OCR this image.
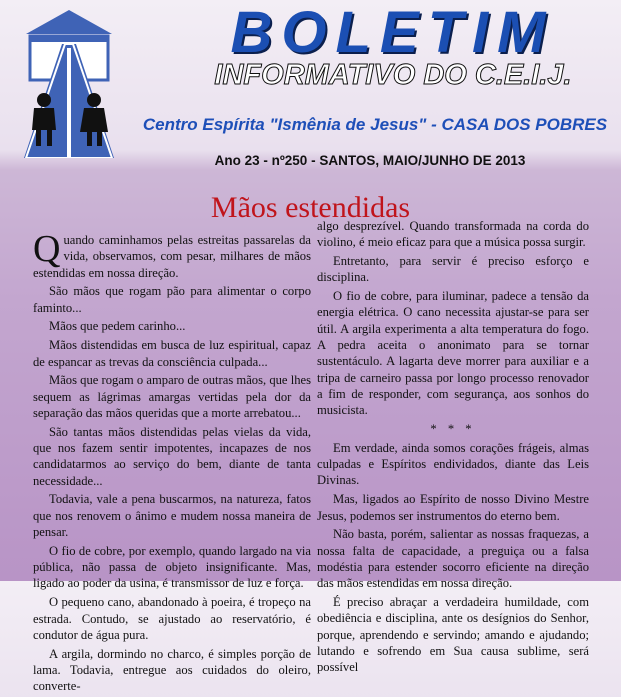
BOLETIM
INFORMATIVO DO C.E.I.J.
Centro Espírita "Ismênia de Jesus" - CASA DOS POBRES
Ano 23 - nº250 - SANTOS, MAIO/JUNHO DE 2013
Mãos estendidas

Quando caminhamos pelas estreitas passarelas da vida, observamos, com pesar, milhares de mãos estendidas em nossa direção.

São mãos que rogam pão para alimentar o corpo faminto...

Mãos que pedem carinho...

Mãos distendidas em busca de luz espiritual, capaz de espancar as trevas da consciência culpada...

Mãos que rogam o amparo de outras mãos, que lhes sequem as lágrimas amargas vertidas pela dor da separação das mãos queridas que a morte arrebatou...

São tantas mãos distendidas pelas vielas da vida, que nos fazem sentir impotentes, incapazes de nos candidatarmos ao serviço do bem, diante de tanta necessidade...

Todavia, vale a pena buscarmos, na natureza, fatos que nos renovem o ânimo e mudem nossa maneira de pensar.

O fio de cobre, por exemplo, quando largado na via pública, não passa de objeto insignificante. Mas, ligado ao poder da usina, é transmissor de luz e força.

O pequeno cano, abandonado à poeira, é tropeço na estrada. Contudo, se ajustado ao reservatório, é condutor de água pura.

A argila, dormindo no charco, é simples porção de lama. Todavia, entregue aos cuidados do oleiro, converte-

algo desprezível. Quando transformada na corda do violino, é meio eficaz para que a música possa surgir.

Entretanto, para servir é preciso esforço e disciplina.

O fio de cobre, para iluminar, padece a tensão da energia elétrica. O cano necessita ajustar-se para ser útil. A argila experimenta a alta temperatura do fogo. A pedra aceita o anonimato para se tornar sustentáculo. A lagarta deve morrer para auxiliar e a tripa de carneiro passa por longo processo renovador a fim de responder, com segurança, aos sonhos do musicista.

* * *

Em verdade, ainda somos corações frágeis, almas culpadas e Espíritos endividados, diante das Leis Divinas.

Mas, ligados ao Espírito de nosso Divino Mestre Jesus, podemos ser instrumentos do eterno bem.

Não basta, porém, salientar as nossas fraquezas, a nossa falta de capacidade, a preguiça ou a falsa modéstia para estender socorro eficiente na direção das mãos estendidas em nossa direção.

É preciso abraçar a verdadeira humildade, com obediência e disciplina, ante os desígnios do Senhor, porque, aprendendo e servindo; amando e ajudando; lutando e sofrendo em Sua causa sublime, será possível
